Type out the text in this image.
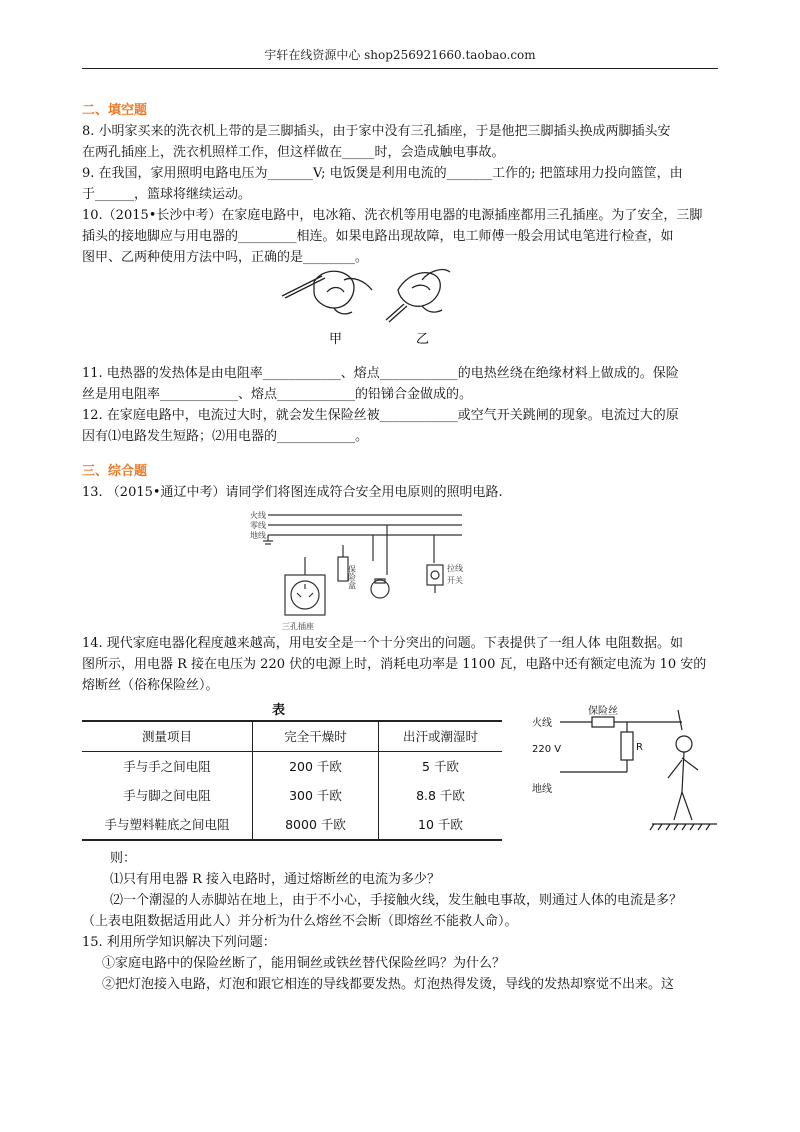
宇轩在线资源中心 shop256921660.taobao.com

二、填空题

8. 小明家买来的洗衣机上带的是三脚插头，由于家中没有三孔插座，于是他把三脚插头换成两脚插头安

在两孔插座上，洗衣机照样工作，但这样做在_____时，会造成触电事故。

9. 在我国，家用照明电路电压为_______V; 电饭煲是利用电流的_______工作的; 把篮球用力投向篮筐，由

于______，篮球将继续运动。

10.（2015•长沙中考）在家庭电路中，电冰箱、洗衣机等用电器的电源插座都用三孔插座。为了安全，三脚

插头的接地脚应与用电器的_________相连。如果电路出现故障，电工师傅一般会用试电笔进行检查，如

图甲、乙两种使用方法中吗，正确的是________。

甲	乙

11. 电热器的发热体是由电阻率____________、熔点____________的电热丝绕在绝缘材料上做成的。保险

丝是用电阻率____________、熔点____________的铅锑合金做成的。

12. 在家庭电路中，电流过大时，就会发生保险丝被____________或空气开关跳闸的现象。电流过大的原

因有⑴电路发生短路；⑵用电器的____________。

三、综合题

13. （2015•通辽中考）请同学们将图连成符合安全用电原则的照明电路.

火线
零线
地线
保险盒	拉线
开关
三孔插座

14. 现代家庭电器化程度越来越高，用电安全是一个十分突出的问题。下表提供了一组人体 电阻数据。如

图所示，用电器 R 接在电压为 220 伏的电源上时，消耗电功率是 1100 瓦，电路中还有额定电流为 10 安的

熔断丝（俗称保险丝）。

表
测量项目	完全干燥时	出汗或潮湿时
手与手之间电阻	200 千欧	5 千欧
手与脚之间电阻	300 千欧	8.8 千欧
手与塑料鞋底之间电阻	8000 千欧	10 千欧
火线
保险丝
220 V	R
地线

则：

⑴只有用电器 R 接入电路时，通过熔断丝的电流为多少？

⑵一个潮湿的人赤脚站在地上，由于不小心，手接触火线，发生触电事故，则通过人体的电流是多？

（上表电阻数据适用此人）并分析为什么熔丝不会断（即熔丝不能救人命）。

15. 利用所学知识解决下列问题：

①家庭电路中的保险丝断了，能用铜丝或铁丝替代保险丝吗？为什么？

②把灯泡接入电路，灯泡和跟它相连的导线都要发热。灯泡热得发烫，导线的发热却察觉不出来。这
